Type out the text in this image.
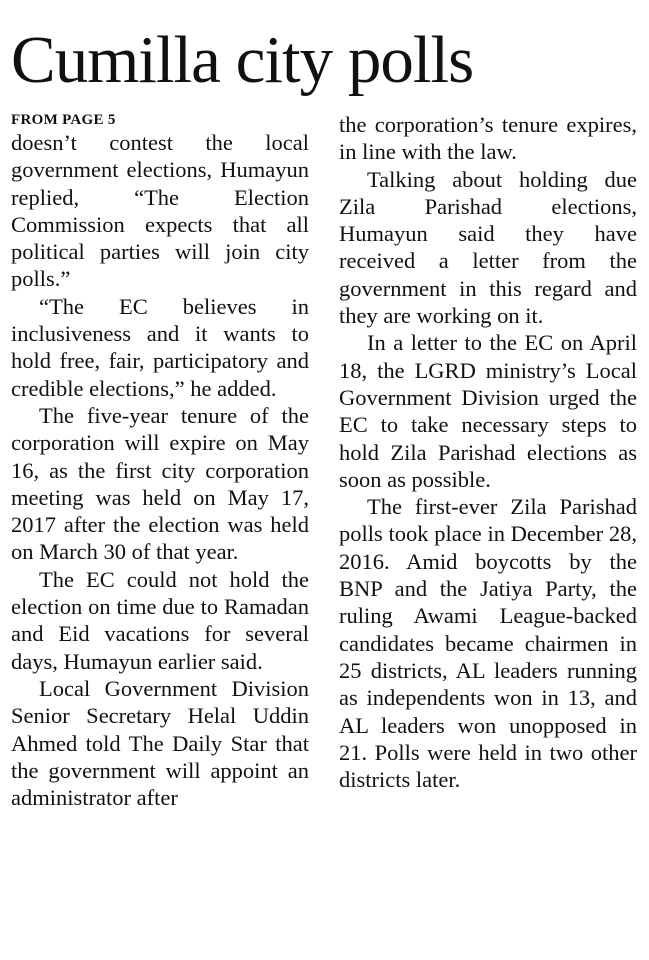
Cumilla city polls
FROM PAGE 5

doesn’t contest the local government elections, Humayun replied, “The Election Commission expects that all political parties will join city polls.”

“The EC believes in inclusiveness and it wants to hold free, fair, participatory and credible elections,” he added.

The five-year tenure of the corporation will expire on May 16, as the first city corporation meeting was held on May 17, 2017 after the election was held on March 30 of that year.

The EC could not hold the election on time due to Ramadan and Eid vacations for several days, Humayun earlier said.

Local Government Division Senior Secretary Helal Uddin Ahmed told The Daily Star that the government will appoint an administrator after

the corporation’s tenure expires, in line with the law.

Talking about holding due Zila Parishad elections, Humayun said they have received a letter from the government in this regard and they are working on it.

In a letter to the EC on April 18, the LGRD ministry’s Local Government Division urged the EC to take necessary steps to hold Zila Parishad elections as soon as possible.

The first-ever Zila Parishad polls took place in December 28, 2016. Amid boycotts by the BNP and the Jatiya Party, the ruling Awami League-backed candidates became chairmen in 25 districts, AL leaders running as independents won in 13, and AL leaders won unopposed in 21. Polls were held in two other districts later.
